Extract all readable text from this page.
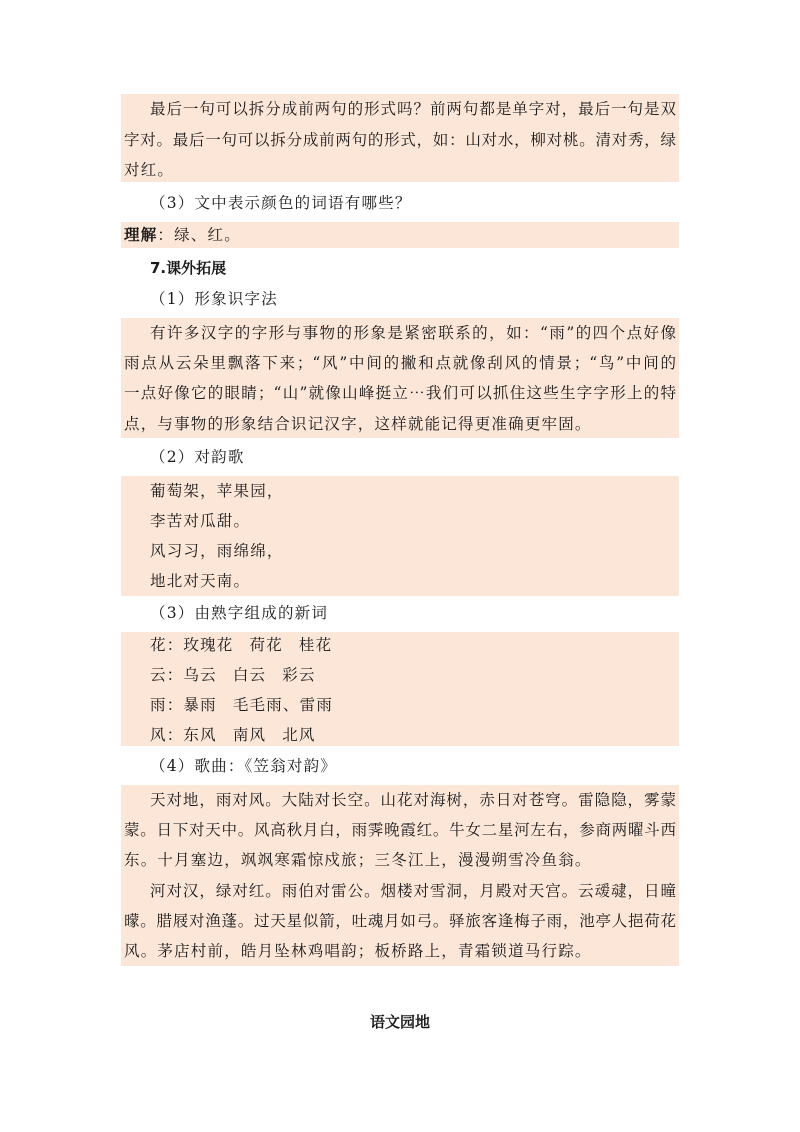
最后一句可以拆分成前两句的形式吗？前两句都是单字对，最后一句是双
字对。最后一句可以拆分成前两句的形式，如：山对水，柳对桃。清对秀，绿
对红。
（3）文中表示颜色的词语有哪些？
理解：绿、红。
7.课外拓展
（1）形象识字法
有许多汉字的字形与事物的形象是紧密联系的，如：“雨”的四个点好像
雨点从云朵里飘落下来；“风”中间的撇和点就像刮风的情景；“鸟”中间的
一点好像它的眼睛；“山”就像山峰挺立⋯我们可以抓住这些生字字形上的特
点，与事物的形象结合识记汉字，这样就能记得更准确更牢固。
（2）对韵歌
葡萄架，苹果园，
李苦对瓜甜。
风习习，雨绵绵，
地北对天南。
（3）由熟字组成的新词
花：玫瑰花 荷花 桂花
云：乌云 白云 彩云
雨：暴雨 毛毛雨、雷雨
风：东风 南风 北风
（4）歌曲：《笠翁对韵》
天对地，雨对风。大陆对长空。山花对海树，赤日对苍穹。雷隐隐，雾蒙
蒙。日下对天中。风高秋月白，雨霁晚霞红。牛女二星河左右，参商两曜斗西
东。十月塞边，飒飒寒霜惊戍旅；三冬江上，漫漫朔雪冷鱼翁。
河对汉，绿对红。雨伯对雷公。烟楼对雪洞，月殿对天宫。云叆叇，日曈
曚。腊屐对渔蓬。过天星似箭，吐魂月如弓。驿旅客逢梅子雨，池亭人挹荷花
风。茅店村前，皓月坠林鸡唱韵；板桥路上，青霜锁道马行踪。
语文园地
